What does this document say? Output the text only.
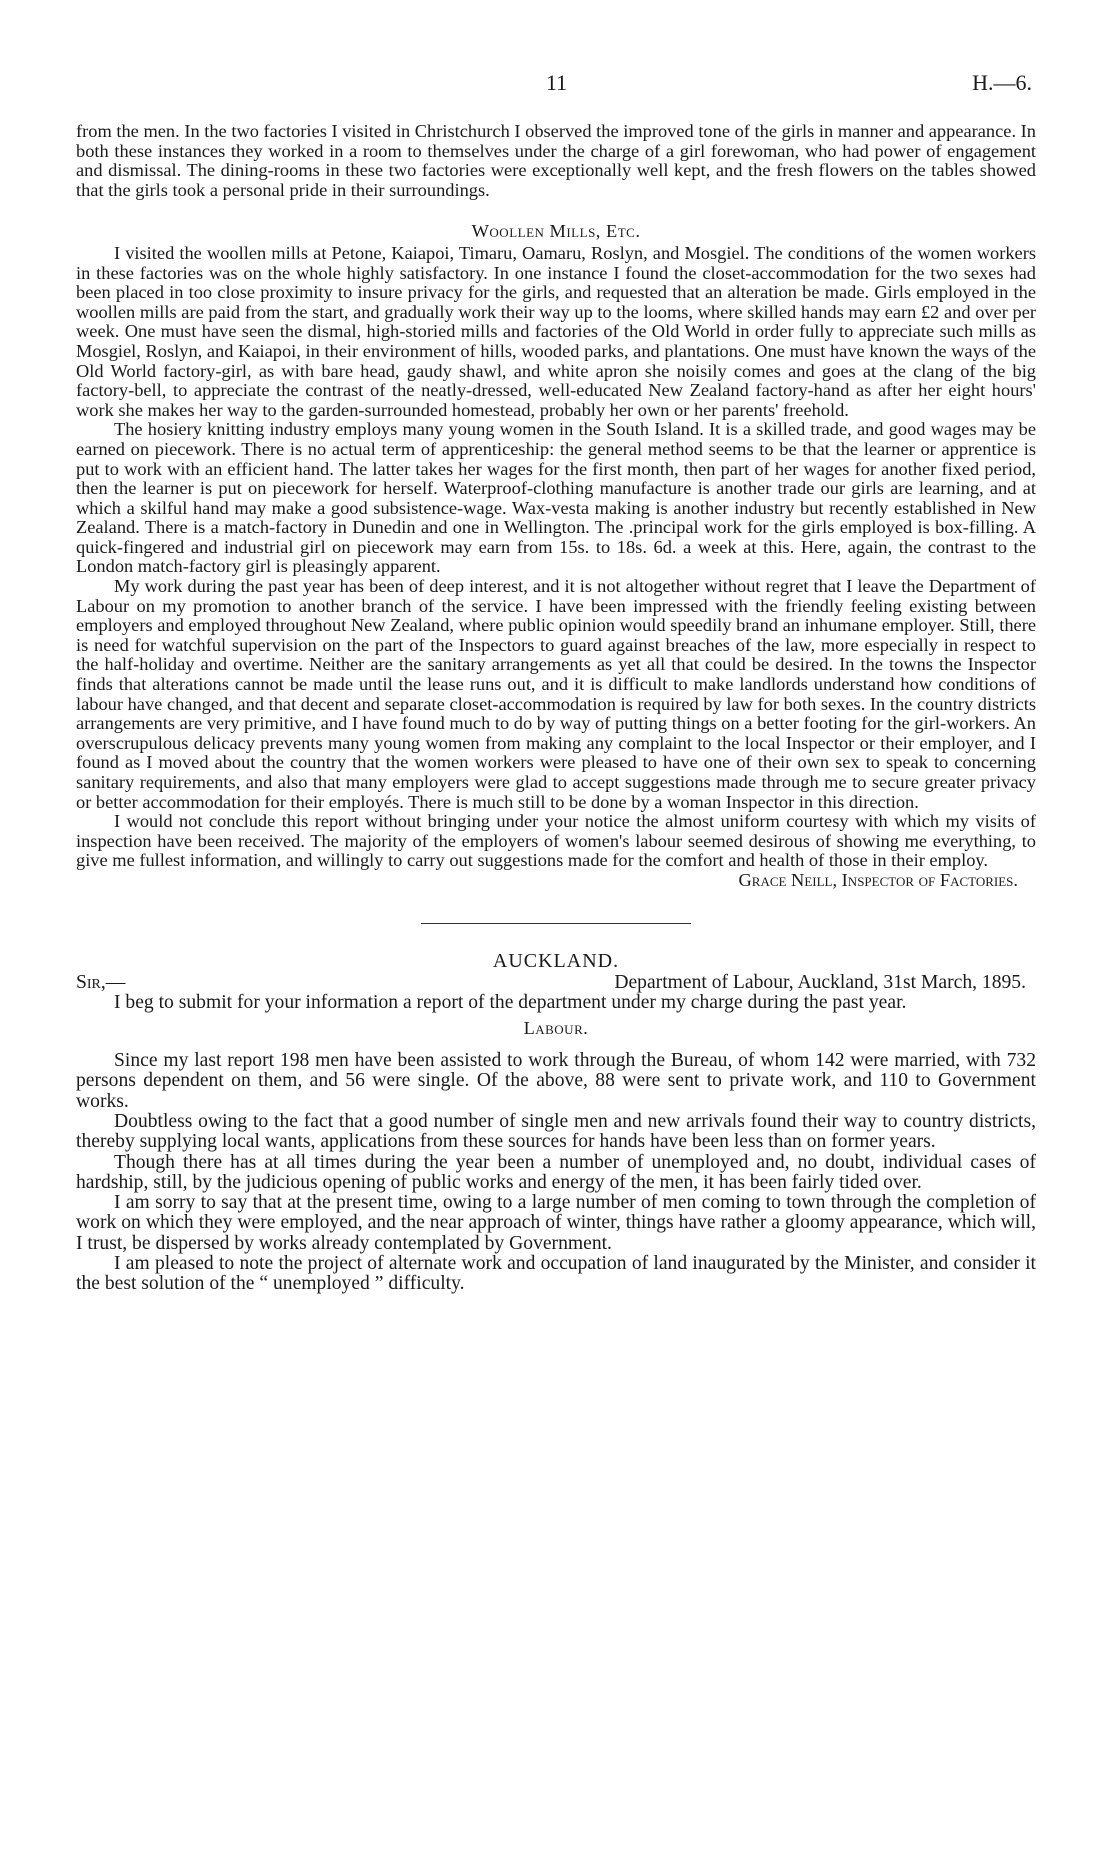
11	H.—6.

from the men. In the two factories I visited in Christchurch I observed the improved tone of the girls in manner and appearance. In both these instances they worked in a room to themselves under the charge of a girl forewoman, who had power of engagement and dismissal. The dining-rooms in these two factories were exceptionally well kept, and the fresh flowers on the tables showed that the girls took a personal pride in their surroundings.

Woollen Mills, Etc.

I visited the woollen mills at Petone, Kaiapoi, Timaru, Oamaru, Roslyn, and Mosgiel. The conditions of the women workers in these factories was on the whole highly satisfactory. In one instance I found the closet-accommodation for the two sexes had been placed in too close proximity to insure privacy for the girls, and requested that an alteration be made. Girls employed in the woollen mills are paid from the start, and gradually work their way up to the looms, where skilled hands may earn £2 and over per week. One must have seen the dismal, high-storied mills and factories of the Old World in order fully to appreciate such mills as Mosgiel, Roslyn, and Kaiapoi, in their environment of hills, wooded parks, and plantations. One must have known the ways of the Old World factory-girl, as with bare head, gaudy shawl, and white apron she noisily comes and goes at the clang of the big factory-bell, to appreciate the contrast of the neatly-dressed, well-educated New Zealand factory-hand as after her eight hours' work she makes her way to the garden-surrounded homestead, probably her own or her parents' freehold.

The hosiery knitting industry employs many young women in the South Island. It is a skilled trade, and good wages may be earned on piecework. There is no actual term of apprenticeship: the general method seems to be that the learner or apprentice is put to work with an efficient hand. The latter takes her wages for the first month, then part of her wages for another fixed period, then the learner is put on piecework for herself. Waterproof-clothing manufacture is another trade our girls are learning, and at which a skilful hand may make a good subsistence-wage. Wax-vesta making is another industry but recently established in New Zealand. There is a match-factory in Dunedin and one in Wellington. The .principal work for the girls employed is box-filling. A quick-fingered and industrial girl on piecework may earn from 15s. to 18s. 6d. a week at this. Here, again, the contrast to the London match-factory girl is pleasingly apparent.

My work during the past year has been of deep interest, and it is not altogether without regret that I leave the Department of Labour on my promotion to another branch of the service. I have been impressed with the friendly feeling existing between employers and employed throughout New Zealand, where public opinion would speedily brand an inhumane employer. Still, there is need for watchful supervision on the part of the Inspectors to guard against breaches of the law, more especially in respect to the half-holiday and overtime. Neither are the sanitary arrangements as yet all that could be desired. In the towns the Inspector finds that alterations cannot be made until the lease runs out, and it is difficult to make landlords understand how conditions of labour have changed, and that decent and separate closet-accommodation is required by law for both sexes. In the country districts arrangements are very primitive, and I have found much to do by way of putting things on a better footing for the girl-workers. An overscrupulous delicacy prevents many young women from making any complaint to the local Inspector or their employer, and I found as I moved about the country that the women workers were pleased to have one of their own sex to speak to concerning sanitary requirements, and also that many employers were glad to accept suggestions made through me to secure greater privacy or better accommodation for their employés. There is much still to be done by a woman Inspector in this direction.

I would not conclude this report without bringing under your notice the almost uniform courtesy with which my visits of inspection have been received. The majority of the employers of women's labour seemed desirous of showing me everything, to give me fullest information, and willingly to carry out suggestions made for the comfort and health of those in their employ.

Grace Neill, Inspector of Factories.

AUCKLAND.

Sir,—	Department of Labour, Auckland, 31st March, 1895.

I beg to submit for your information a report of the department under my charge during the past year.

Labour.

Since my last report 198 men have been assisted to work through the Bureau, of whom 142 were married, with 732 persons dependent on them, and 56 were single. Of the above, 88 were sent to private work, and 110 to Government works.

Doubtless owing to the fact that a good number of single men and new arrivals found their way to country districts, thereby supplying local wants, applications from these sources for hands have been less than on former years.

Though there has at all times during the year been a number of unemployed and, no doubt, individual cases of hardship, still, by the judicious opening of public works and energy of the men, it has been fairly tided over.

I am sorry to say that at the present time, owing to a large number of men coming to town through the completion of work on which they were employed, and the near approach of winter, things have rather a gloomy appearance, which will, I trust, be dispersed by works already contemplated by Government.

I am pleased to note the project of alternate work and occupation of land inaugurated by the Minister, and consider it the best solution of the “ unemployed ” difficulty.
